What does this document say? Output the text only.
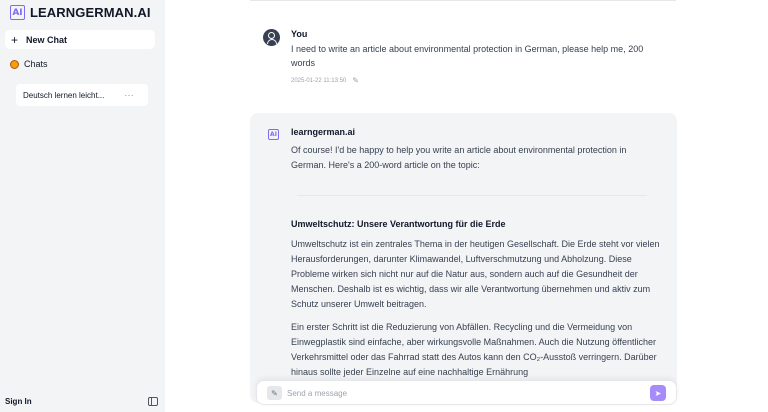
AI LEARNGERMAN.AI
+ New Chat
Chats
Deutsch lernen leicht...	···
Sign In
You
I need to write an article about environmental protection in German, please help me, 200 words
2025-01-22 11:13:50 ✎
AI learngerman.ai
Of course! I'd be happy to help you write an article about environmental protection in German. Here's a 200-word article on the topic:
Umweltschutz: Unsere Verantwortung für die Erde
Umweltschutz ist ein zentrales Thema in der heutigen Gesellschaft. Die Erde steht vor vielen Herausforderungen, darunter Klimawandel, Luftverschmutzung und Abholzung. Diese Probleme wirken sich nicht nur auf die Natur aus, sondern auch auf die Gesundheit der Menschen. Deshalb ist es wichtig, dass wir alle Verantwortung übernehmen und aktiv zum Schutz unserer Umwelt beitragen.
Ein erster Schritt ist die Reduzierung von Abfällen. Recycling und die Vermeidung von Einwegplastik sind einfache, aber wirkungsvolle Maßnahmen. Auch die Nutzung öffentlicher Verkehrsmittel oder das Fahrrad statt des Autos kann den CO₂-Ausstoß verringern. Darüber hinaus sollte jeder Einzelne auf eine nachhaltige Ernährung
✎
Send a message	➤
